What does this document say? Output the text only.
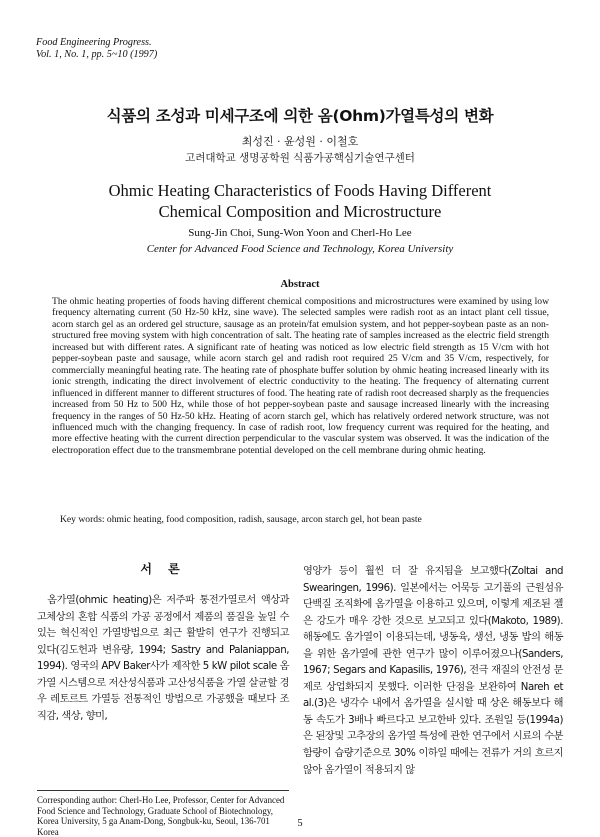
Food Engineering Progress.
Vol. 1, No. 1, pp. 5~10 (1997)
식품의 조성과 미세구조에 의한 옴(Ohm)가열특성의 변화
최성진 · 윤성원 · 이철호
고려대학교 생명공학원 식품가공핵심기술연구센터
Ohmic Heating Characteristics of Foods Having Different
Chemical Composition and Microstructure
Sung-Jin Choi, Sung-Won Yoon and Cherl-Ho Lee
Center for Advanced Food Science and Technology, Korea University
Abstract

The ohmic heating properties of foods having different chemical compositions and microstructures were examined by using low frequency alternating current (50 Hz-50 kHz, sine wave). The selected samples were radish root as an intact plant cell tissue, acorn starch gel as an ordered gel structure, sausage as an protein/fat emulsion system, and hot pepper-soybean paste as an non-structured free moving system with high concentration of salt. The heating rate of samples increased as the electric field strength increased but with different rates. A significant rate of heating was noticed as low electric field strength as 15 V/cm with hot pepper-soybean paste and sausage, while acorn starch gel and radish root required 25 V/cm and 35 V/cm, respectively, for commercially meaningful heating rate. The heating rate of phosphate buffer solution by ohmic heating increased linearly with its ionic strength, indicating the direct involvement of electric conductivity to the heating. The frequency of alternating current influenced in different manner to different structures of food. The heating rate of radish root decreased sharply as the frequencies increased from 50 Hz to 500 Hz, while those of hot pepper-soybean paste and sausage increased linearly with the increasing frequency in the ranges of 50 Hz-50 kHz. Heating of acorn starch gel, which has relatively ordered network structure, was not influenced much with the changing frequency. In case of radish root, low frequency current was required for the heating, and more effective heating with the current direction perpendicular to the vascular system was observed. It was the indication of the electroporation effect due to the transmembrane potential developed on the cell membrane during ohmic heating.

Key words: ohmic heating, food composition, radish, sausage, arcon starch gel, hot bean paste

서 론

옴가열(ohmic heating)은 저주파 통전가열로서 액상과 고체상의 혼합 식품의 가공 공정에서 제품의 품질을 높일 수 있는 혁신적인 가열방법으로 최근 활발히 연구가 진행되고 있다(김도헌과 변유량, 1994; Sastry and Palaniappan, 1994). 영국의 APV Baker사가 제작한 5 kW pilot scale 옴가열 시스템으로 저산성식품과 고산성식품을 가열 살균할 경우 레토르트 가열등 전통적인 방법으로 가공했을 때보다 조직감, 색상, 향미,

영양가 등이 훨씬 더 잘 유지됨을 보고했다(Zoltai and Swearingen, 1996). 일본에서는 어묵등 고기풀의 근원섬유 단백질 조직화에 옴가열을 이용하고 있으며, 이렇게 제조된 젤은 강도가 매우 강한 것으로 보고되고 있다(Makoto, 1989). 해동에도 옴가열이 이용되는데, 냉동육, 생선, 냉동 밥의 해동을 위한 옴가열에 관한 연구가 많이 이루어졌으나(Sanders, 1967; Segars and Kapasilis, 1976), 전극 재질의 안전성 문제로 상업화되지 못했다. 이러한 단점을 보완하여 Nareh et al.(3)은 냉각수 내에서 옴가열을 실시할 때 상온 해동보다 해동 속도가 3배나 빠르다고 보고한바 있다. 조원일 등(1994a)은 된장및 고추장의 옴가열 특성에 관한 연구에서 시료의 수분함량이 습량기준으로 30% 이하일 때에는 전류가 거의 흐르지 않아 옴가열이 적용되지 않

Corresponding author: Cherl-Ho Lee, Professor, Center for Advanced Food Science and Technology, Graduate School of Biotechnology, Korea University, 5 ga Anam-Dong, Songbuk-ku, Seoul, 136-701 Korea

5
